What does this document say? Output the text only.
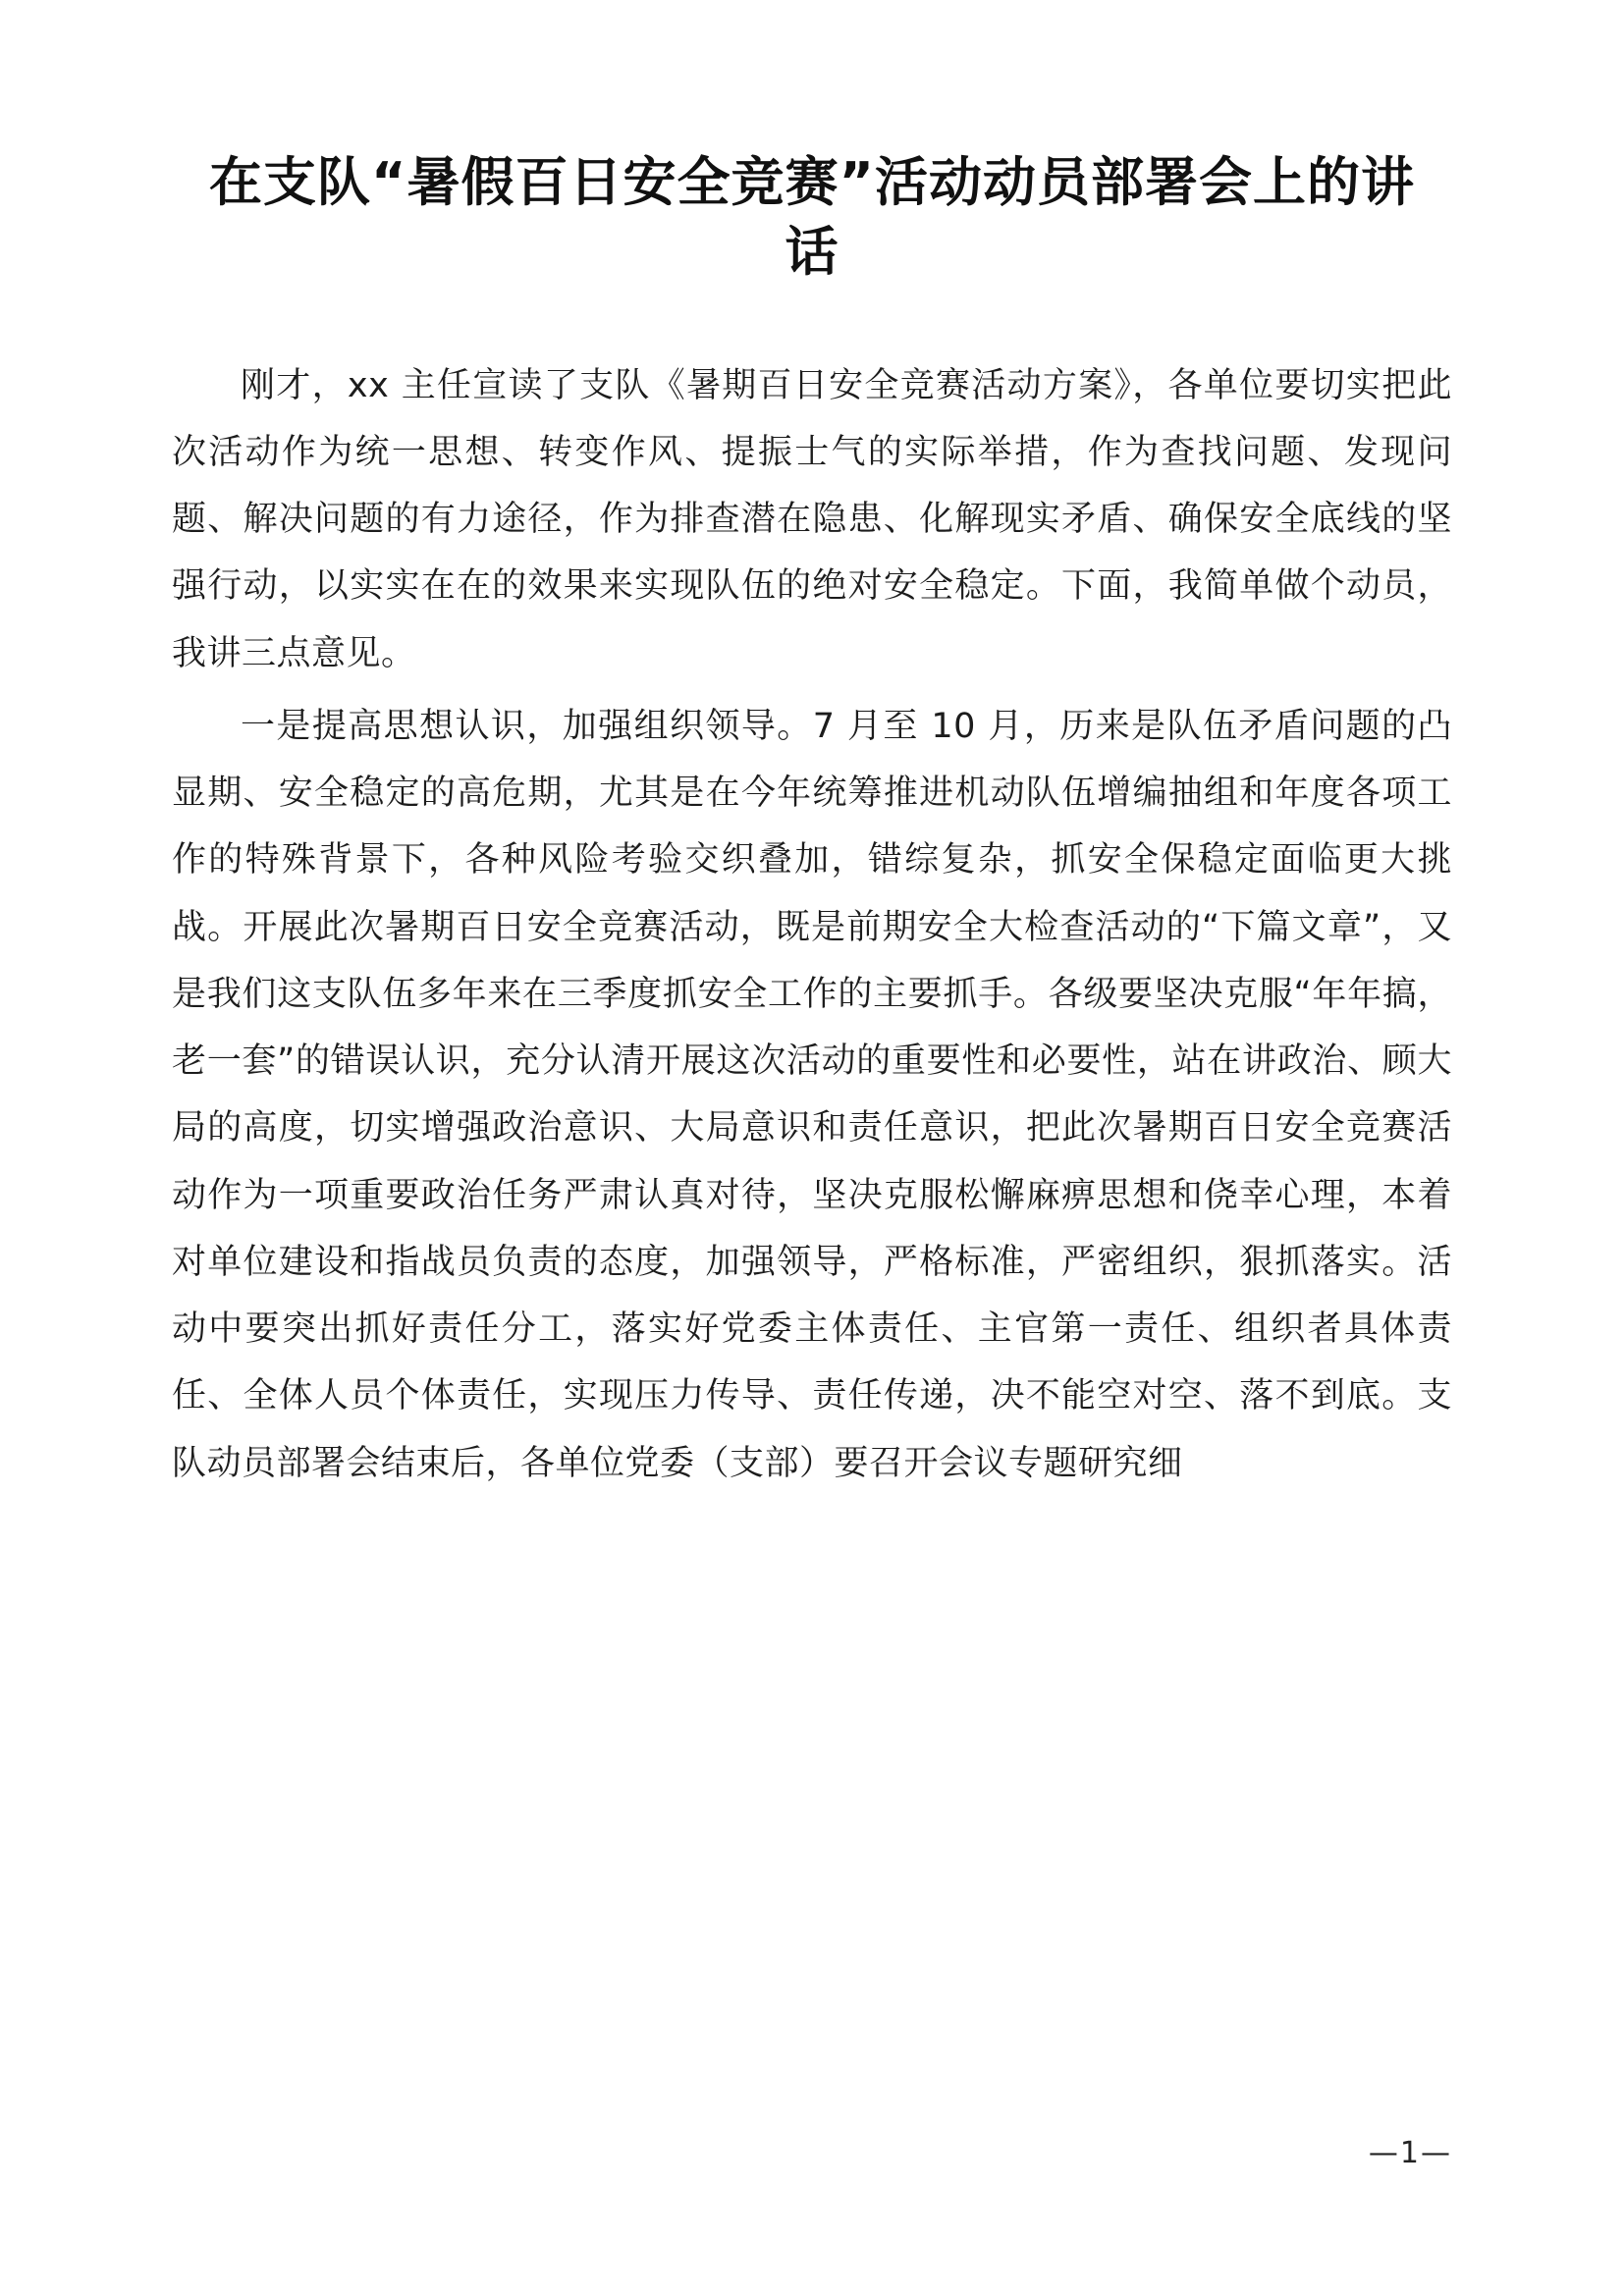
在支队“暑假百日安全竞赛”活动动员部署会上的讲话

刚才，xx 主任宣读了支队《暑期百日安全竞赛活动方案》，各单位要切实把此次活动作为统一思想、转变作风、提振士气的实际举措，作为查找问题、发现问题、解决问题的有力途径，作为排查潜在隐患、化解现实矛盾、确保安全底线的坚强行动，以实实在在的效果来实现队伍的绝对安全稳定。下面，我简单做个动员，我讲三点意见。

一是提高思想认识，加强组织领导。7 月至 10 月，历来是队伍矛盾问题的凸显期、安全稳定的高危期，尤其是在今年统筹推进机动队伍增编抽组和年度各项工作的特殊背景下，各种风险考验交织叠加，错综复杂，抓安全保稳定面临更大挑战。开展此次暑期百日安全竞赛活动，既是前期安全大检查活动的“下篇文章”，又是我们这支队伍多年来在三季度抓安全工作的主要抓手。各级要坚决克服“年年搞，老一套”的错误认识，充分认清开展这次活动的重要性和必要性，站在讲政治、顾大局的高度，切实增强政治意识、大局意识和责任意识，把此次暑期百日安全竞赛活动作为一项重要政治任务严肃认真对待，坚决克服松懈麻痹思想和侥幸心理，本着对单位建设和指战员负责的态度，加强领导，严格标准，严密组织，狠抓落实。活动中要突出抓好责任分工，落实好党委主体责任、主官第一责任、组织者具体责任、全体人员个体责任，实现压力传导、责任传递，决不能空对空、落不到底。支队动员部署会结束后，各单位党委（支部）要召开会议专题研究细

—1—
